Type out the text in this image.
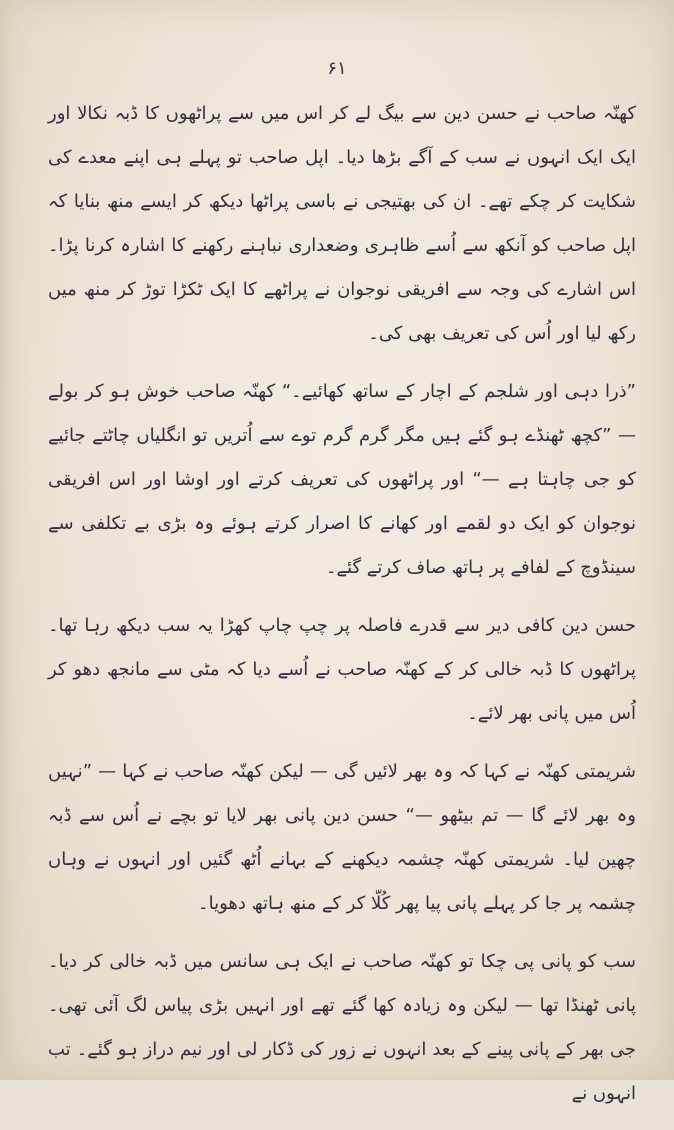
۶۱

کھنّہ صاحب نے حسن دین سے بیگ لے کر اس میں سے پراٹھوں کا ڈبہ نکالا اور ایک ایک انہوں نے سب کے آگے بڑھا دیا۔ اپل صاحب تو پہلے ہی اپنے معدے کی شکایت کر چکے تھے۔ ان کی بھتیجی نے باسی پراٹھا دیکھ کر ایسے منھ بنایا کہ اپل صاحب کو آنکھ سے اُسے ظاہری وضعداری نباہنے رکھنے کا اشارہ کرنا پڑا۔ اس اشارے کی وجہ سے افریقی نوجوان نے پراٹھے کا ایک ٹکڑا توڑ کر منھ میں رکھ لیا اور اُس کی تعریف بھی کی۔

”ذرا دہی اور شلجم کے اچار کے ساتھ کھائیے۔“ کھنّہ صاحب خوش ہو کر بولے — ”کچھ ٹھنڈے ہو گئے ہیں مگر گرم گرم توے سے اُتریں تو انگلیاں چاٹتے جائیے کو جی چاہتا ہے —“ اور پراٹھوں کی تعریف کرتے اور اوشا اور اس افریقی نوجوان کو ایک دو لقمے اور کھانے کا اصرار کرتے ہوئے وہ بڑی بے تکلفی سے سینڈوچ کے لفافے پر ہاتھ صاف کرتے گئے۔

حسن دین کافی دیر سے قدرے فاصلہ پر چپ چاپ کھڑا یہ سب دیکھ رہا تھا۔ پراٹھوں کا ڈبہ خالی کر کے کھنّہ صاحب نے اُسے دیا کہ مٹی سے مانجھ دھو کر اُس میں پانی بھر لائے۔

شریمتی کھنّہ نے کہا کہ وہ بھر لائیں گی — لیکن کھنّہ صاحب نے کہا — ”نہیں وہ بھر لائے گا — تم بیٹھو —“ حسن دین پانی بھر لایا تو بچے نے اُس سے ڈبہ چھین لیا۔ شریمتی کھنّہ چشمہ دیکھنے کے بہانے اُٹھ گئیں اور انہوں نے وہاں چشمہ پر جا کر پہلے پانی پیا پھر کُلّا کر کے منھ ہاتھ دھویا۔

سب کو پانی پی چکا تو کھنّہ صاحب نے ایک ہی سانس میں ڈبہ خالی کر دیا۔ پانی ٹھنڈا تھا — لیکن وہ زیادہ کھا گئے تھے اور انہیں بڑی پیاس لگ آئی تھی۔ جی بھر کے پانی پینے کے بعد انہوں نے زور کی ڈکار لی اور نیم دراز ہو گئے۔ تب انہوں نے
